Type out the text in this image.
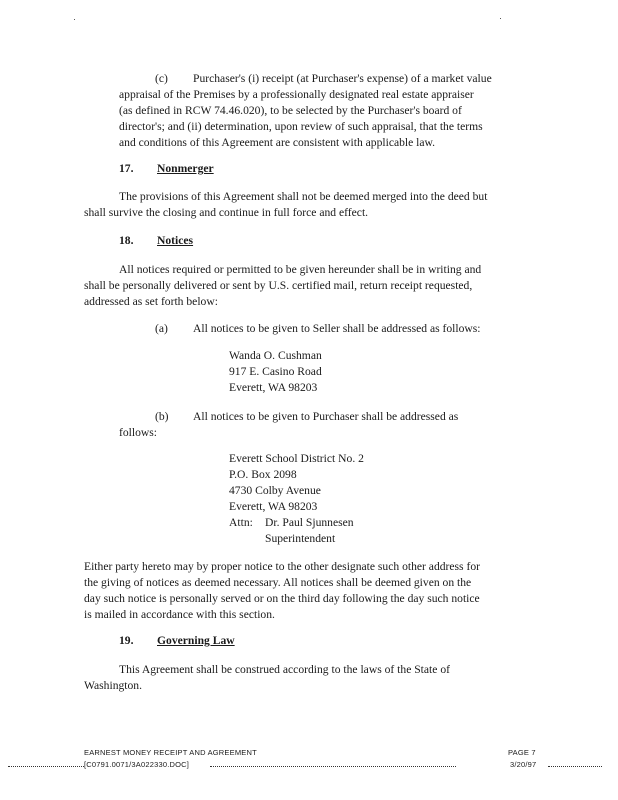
(c) Purchaser's (i) receipt (at Purchaser's expense) of a market value
appraisal of the Premises by a professionally designated real estate appraiser
(as defined in RCW 74.46.020), to be selected by the Purchaser's board of
director's; and (ii) determination, upon review of such appraisal, that the terms
and conditions of this Agreement are consistent with applicable law.
17. Nonmerger
The provisions of this Agreement shall not be deemed merged into the deed but
shall survive the closing and continue in full force and effect.
18. Notices
All notices required or permitted to be given hereunder shall be in writing and
shall be personally delivered or sent by U.S. certified mail, return receipt requested,
addressed as set forth below:
(a) All notices to be given to Seller shall be addressed as follows:
Wanda O. Cushman
917 E. Casino Road
Everett, WA 98203
(b) All notices to be given to Purchaser shall be addressed as
follows:
Everett School District No. 2
P.O. Box 2098
4730 Colby Avenue
Everett, WA 98203
Attn: Dr. Paul Sjunnesen
Superintendent
Either party hereto may by proper notice to the other designate such other address for
the giving of notices as deemed necessary. All notices shall be deemed given on the
day such notice is personally served or on the third day following the day such notice
is mailed in accordance with this section.
19. Governing Law
This Agreement shall be construed according to the laws of the State of
Washington.
EARNEST MONEY RECEIPT AND AGREEMENT	PAGE 7
[C0791.0071/3A022330.DOC]	3/20/97
